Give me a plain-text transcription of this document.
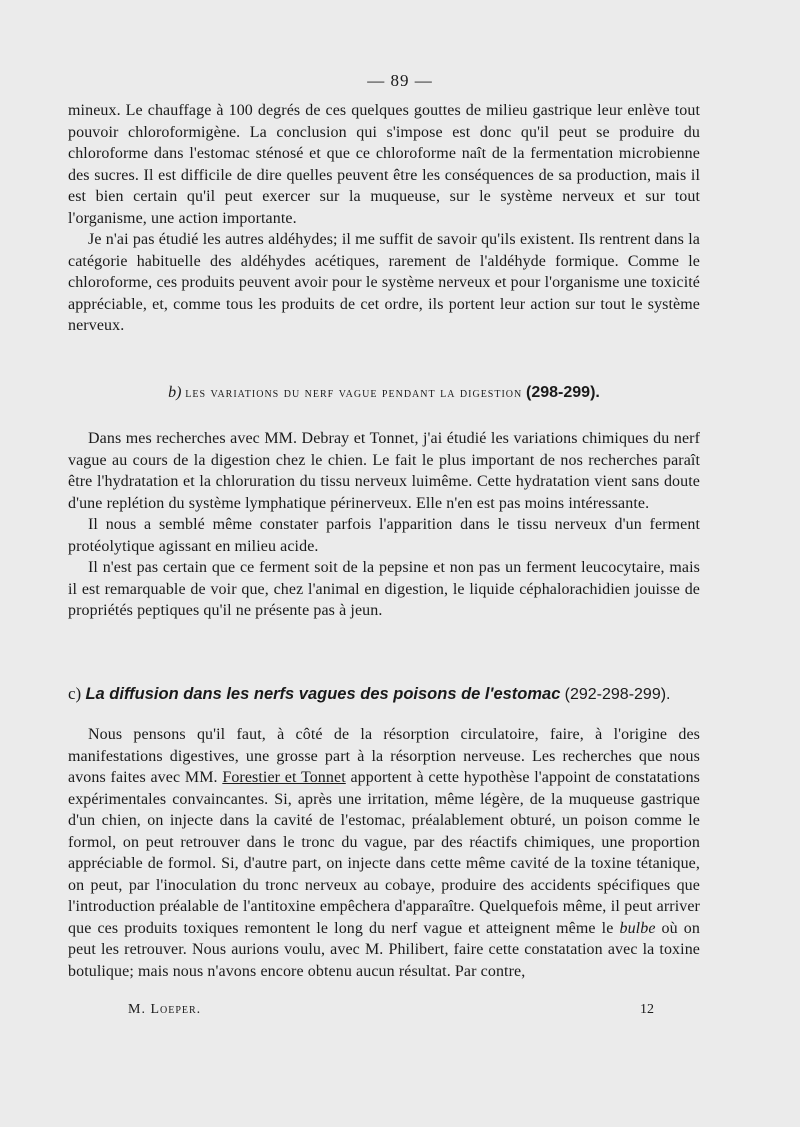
— 89 —

mineux. Le chauffage à 100 degrés de ces quelques gouttes de milieu gastrique leur enlève tout pouvoir chloroformigène. La conclusion qui s'impose est donc qu'il peut se produire du chloroforme dans l'estomac sténosé et que ce chloroforme naît de la fermentation microbienne des sucres. Il est difficile de dire quelles peuvent être les conséquences de sa production, mais il est bien certain qu'il peut exercer sur la muqueuse, sur le système nerveux et sur tout l'organisme, une action importante.

Je n'ai pas étudié les autres aldéhydes; il me suffit de savoir qu'ils existent. Ils rentrent dans la catégorie habituelle des aldéhydes acétiques, rarement de l'aldéhyde formique. Comme le chloroforme, ces produits peuvent avoir pour le système nerveux et pour l'organisme une toxicité appréciable, et, comme tous les produits de cet ordre, ils portent leur action sur tout le système nerveux.

b) les variations du nerf vague pendant la digestion (298-299).

Dans mes recherches avec MM. Debray et Tonnet, j'ai étudié les variations chimiques du nerf vague au cours de la digestion chez le chien. Le fait le plus important de nos recherches paraît être l'hydratation et la chloruration du tissu nerveux luimême. Cette hydratation vient sans doute d'une replétion du système lymphatique périnerveux. Elle n'en est pas moins intéressante.

Il nous a semblé même constater parfois l'apparition dans le tissu nerveux d'un ferment protéolytique agissant en milieu acide.

Il n'est pas certain que ce ferment soit de la pepsine et non pas un ferment leucocytaire, mais il est remarquable de voir que, chez l'animal en digestion, le liquide céphalorachidien jouisse de propriétés peptiques qu'il ne présente pas à jeun.

c) La diffusion dans les nerfs vagues des poisons de l'estomac (292-298-299).

Nous pensons qu'il faut, à côté de la résorption circulatoire, faire, à l'origine des manifestations digestives, une grosse part à la résorption nerveuse. Les recherches que nous avons faites avec MM. Forestier et Tonnet apportent à cette hypothèse l'appoint de constatations expérimentales convaincantes. Si, après une irritation, même légère, de la muqueuse gastrique d'un chien, on injecte dans la cavité de l'estomac, préalablement obturé, un poison comme le formol, on peut retrouver dans le tronc du vague, par des réactifs chimiques, une proportion appréciable de formol. Si, d'autre part, on injecte dans cette même cavité de la toxine tétanique, on peut, par l'inoculation du tronc nerveux au cobaye, produire des accidents spécifiques que l'introduction préalable de l'antitoxine empêchera d'apparaître. Quelquefois même, il peut arriver que ces produits toxiques remontent le long du nerf vague et atteignent même le bulbe où on peut les retrouver. Nous aurions voulu, avec M. Philibert, faire cette constatation avec la toxine botulique; mais nous n'avons encore obtenu aucun résultat. Par contre,

M. Loeper.	12
